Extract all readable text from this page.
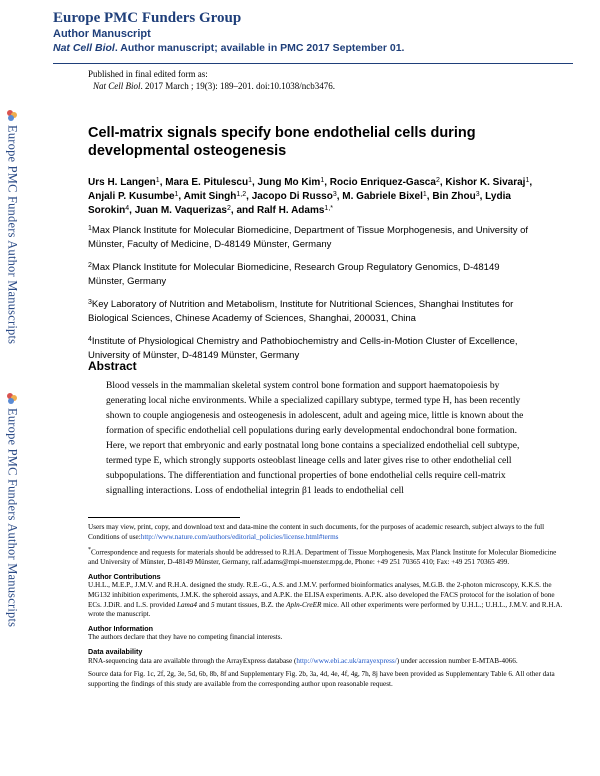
Europe PMC Funders Group
Author Manuscript
Nat Cell Biol. Author manuscript; available in PMC 2017 September 01.
Published in final edited form as:
Nat Cell Biol. 2017 March ; 19(3): 189–201. doi:10.1038/ncb3476.
Europe PMC Funders Author Manuscripts
Europe PMC Funders Author Manuscripts
Cell-matrix signals specify bone endothelial cells during developmental osteogenesis
Urs H. Langen$^1$, Mara E. Pitulescu$^1$, Jung Mo Kim$^1$, Rocio Enriquez-Gasca$^2$, Kishor K. Sivaraj$^1$, Anjali P. Kusumbe$^1$, Amit Singh$^{1,2}$, Jacopo Di Russo$^3$, M. Gabriele Bixel$^1$, Bin Zhou$^3$, Lydia Sorokin$^4$, Juan M. Vaquerizas$^2$, and Ralf H. Adams$^{1,*}$
$^1$Max Planck Institute for Molecular Biomedicine, Department of Tissue Morphogenesis, and University of Münster, Faculty of Medicine, D-48149 Münster, Germany
$^2$Max Planck Institute for Molecular Biomedicine, Research Group Regulatory Genomics, D-48149 Münster, Germany
$^3$Key Laboratory of Nutrition and Metabolism, Institute for Nutritional Sciences, Shanghai Institutes for Biological Sciences, Chinese Academy of Sciences, Shanghai, 200031, China
$^4$Institute of Physiological Chemistry and Pathobiochemistry and Cells-in-Motion Cluster of Excellence, University of Münster, D-48149 Münster, Germany
Abstract
Blood vessels in the mammalian skeletal system control bone formation and support haematopoiesis by generating local niche environments. While a specialized capillary subtype, termed type H, has been recently shown to couple angiogenesis and osteogenesis in adolescent, adult and ageing mice, little is known about the formation of specific endothelial cell populations during early developmental endochondral bone formation. Here, we report that embryonic and early postnatal long bone contains a specialized endothelial cell subtype, termed type E, which strongly supports osteoblast lineage cells and later gives rise to other endothelial cell subpopulations. The differentiation and functional properties of bone endothelial cells require cell-matrix signalling interactions. Loss of endothelial integrin β1 leads to endothelial cell

Users may view, print, copy, and download text and data-mine the content in such documents, for the purposes of academic research, subject always to the full Conditions of use:http://www.nature.com/authors/editorial_policies/license.html#terms

*Correspondence and requests for materials should be addressed to R.H.A. Department of Tissue Morphogenesis, Max Planck Institute for Molecular Biomedicine and University of Münster, D-48149 Münster, Germany, ralf.adams@mpi-muenster.mpg.de, Phone: +49 251 70365 410; Fax: +49 251 70365 499.

Author Contributions

U.H.L., M.E.P., J.M.V. and R.H.A. designed the study. R.E.-G., A.S. and J.M.V. performed bioinformatics analyses, M.G.B. the 2-photon microscopy, K.K.S. the MG132 inhibition experiments, J.M.K. the spheroid assays, and A.P.K. the ELISA experiments. A.P.K. also developed the FACS protocol for the isolation of bone ECs. J.DiR. and L.S. provided Lama4 and 5 mutant tissues, B.Z. the Apln-CreER mice. All other experiments were performed by U.H.L.; U.H.L., J.M.V. and R.H.A. wrote the manuscript.

Author Information

The authors declare that they have no competing financial interests.

Data availability

RNA-sequencing data are available through the ArrayExpress database (http://www.ebi.ac.uk/arrayexpress/) under accession number E-MTAB-4066.

Source data for Fig. 1c, 2f, 2g, 3e, 5d, 6b, 8b, 8f and Supplementary Fig. 2b, 3a, 4d, 4e, 4f, 4g, 7h, 8j have been provided as Supplementary Table 6. All other data supporting the findings of this study are available from the corresponding author upon reasonable request.
